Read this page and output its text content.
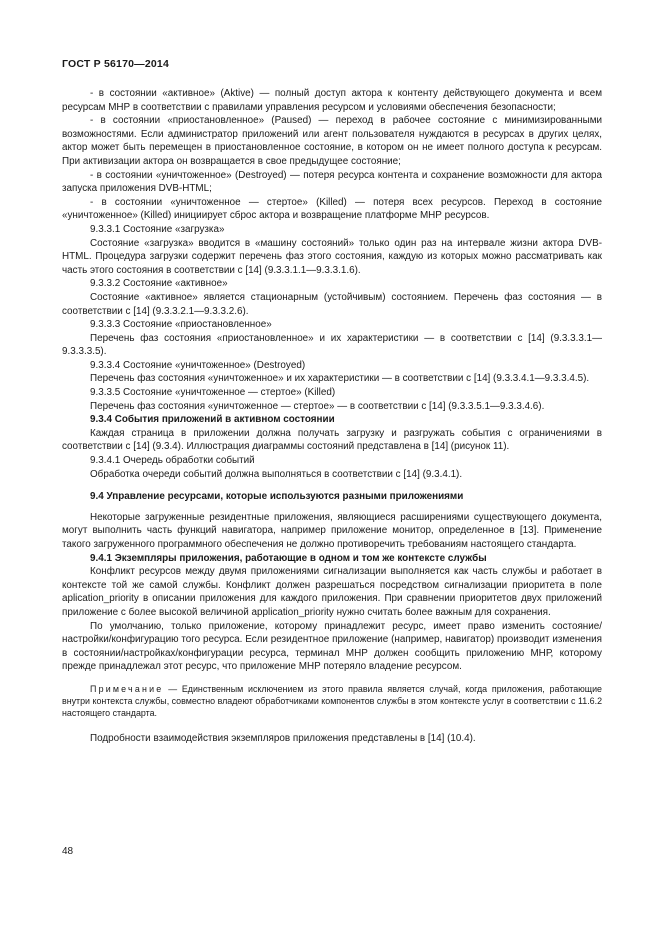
ГОСТ Р 56170—2014

- в состоянии «активное» (Aktive) — полный доступ актора к контенту действующего документа и всем ресурсам МНР в соответствии с правилами управления ресурсом и условиями обеспечения безопасности;

- в состоянии «приостановленное» (Paused) — переход в рабочее состояние с минимизированными возможностями. Если администратор приложений или агент пользователя нуждаются в ресурсах в других целях, актор может быть перемещен в приостановленное состояние, в котором он не имеет полного доступа к ресурсам. При активизации актора он возвращается в свое предыдущее состояние;

- в состоянии «уничтоженное» (Destroyed) — потеря ресурса контента и сохранение возможности для актора запуска приложения DVB-HTML;

- в состоянии «уничтоженное — стертое» (Killed) — потеря всех ресурсов. Переход в состояние «уничтоженное» (Killed) инициирует сброс актора и возвращение платформе МНР ресурсов.

9.3.3.1 Состояние «загрузка»

Состояние «загрузка» вводится в «машину состояний» только один раз на интервале жизни актора DVB-HTML. Процедура загрузки содержит перечень фаз этого состояния, каждую из которых можно рассматривать как часть этого состояния в соответствии с [14] (9.3.3.1.1—9.3.3.1.6).

9.3.3.2 Состояние «активное»

Состояние «активное» является стационарным (устойчивым) состоянием. Перечень фаз состояния — в соответствии с [14] (9.3.3.2.1—9.3.3.2.6).

9.3.3.3 Состояние «приостановленное»

Перечень фаз состояния «приостановленное» и их характеристики — в соответствии с [14] (9.3.3.3.1—9.3.3.3.5).

9.3.3.4 Состояние «уничтоженное» (Destroyed)

Перечень фаз состояния «уничтоженное» и их характеристики — в соответствии с [14] (9.3.3.4.1—9.3.3.4.5).

9.3.3.5 Состояние «уничтоженное — стертое» (Killed)

Перечень фаз состояния «уничтоженное — стертое» — в соответствии с [14] (9.3.3.5.1—9.3.3.4.6).

9.3.4 События приложений в активном состоянии

Каждая страница в приложении должна получать загрузку и разгружать события с ограничениями в соответствии с [14] (9.3.4). Иллюстрация диаграммы состояний представлена в [14] (рисунок 11).

9.3.4.1 Очередь обработки событий

Обработка очереди событий должна выполняться в соответствии с [14] (9.3.4.1).

9.4 Управление ресурсами, которые используются разными приложениями

Некоторые загруженные резидентные приложения, являющиеся расширениями существующего документа, могут выполнить часть функций навигатора, например приложение монитор, определенное в [13]. Применение такого загруженного программного обеспечения не должно противоречить требованиям настоящего стандарта.

9.4.1 Экземпляры приложения, работающие в одном и том же контексте службы

Конфликт ресурсов между двумя приложениями сигнализации выполняется как часть службы и работает в контексте той же самой службы. Конфликт должен разрешаться посредством сигнализации приоритета в поле aplication_priority в описании приложения для каждого приложения. При сравнении приоритетов двух приложений приложение с более высокой величиной application_priority нужно считать более важным для сохранения.

По умолчанию, только приложение, которому принадлежит ресурс, имеет право изменить состояние/настройки/конфигурацию того ресурса. Если резидентное приложение (например, навигатор) производит изменения в состоянии/настройках/конфигурации ресурса, терминал МНР должен сообщить приложению МНР, которому прежде принадлежал этот ресурс, что приложение МНР потеряло владение ресурсом.

Примечание — Единственным исключением из этого правила является случай, когда приложения, работающие внутри контекста службы, совместно владеют обработчиками компонентов службы в этом контексте услуг в соответствии с 11.6.2 настоящего стандарта.

Подробности взаимодействия экземпляров приложения представлены в [14] (10.4).

48
